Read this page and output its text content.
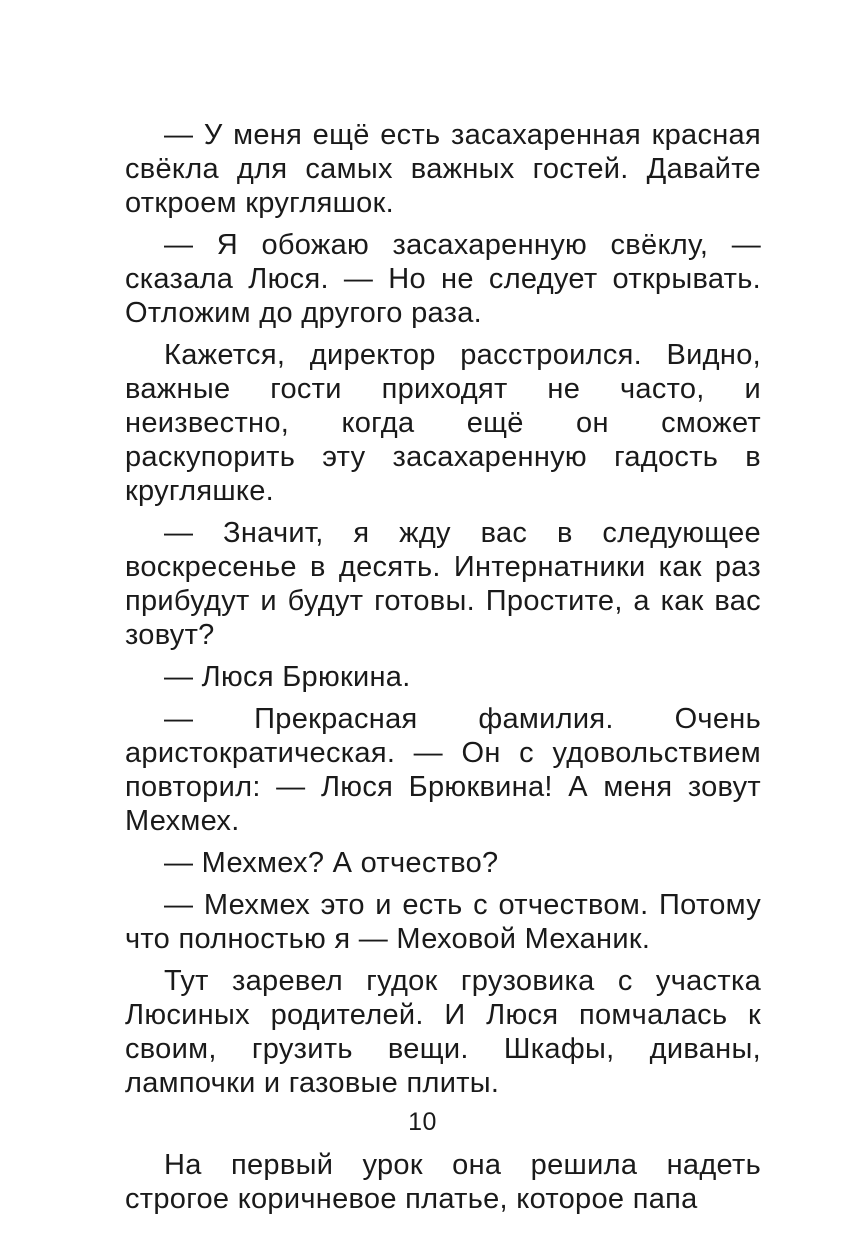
— У меня ещё есть засахаренная красная свёкла для самых важных гостей. Давайте откроем кругляшок.

— Я обожаю засахаренную свёклу, — сказала Люся. — Но не следует открывать. Отложим до другого раза.

Кажется, директор расстроился. Видно, важные гости приходят не часто, и неизвестно, когда ещё он сможет раскупорить эту засахаренную гадость в кругляшке.

— Значит, я жду вас в следующее воскресенье в десять. Интернатники как раз прибудут и будут готовы. Простите, а как вас зовут?

— Люся Брюкина.

— Прекрасная фамилия. Очень аристократическая. — Он с удовольствием повторил: — Люся Брюквина! А меня зовут Мехмех.

— Мехмех? А отчество?

— Мехмех это и есть с отчеством. Потому что полностью я — Меховой Механик.

Тут заревел гудок грузовика с участка Люсиных родителей. И Люся помчалась к своим, грузить вещи. Шкафы, диваны, лампочки и газовые плиты.

На первый урок она решила надеть строгое коричневое платье, которое папа

10
